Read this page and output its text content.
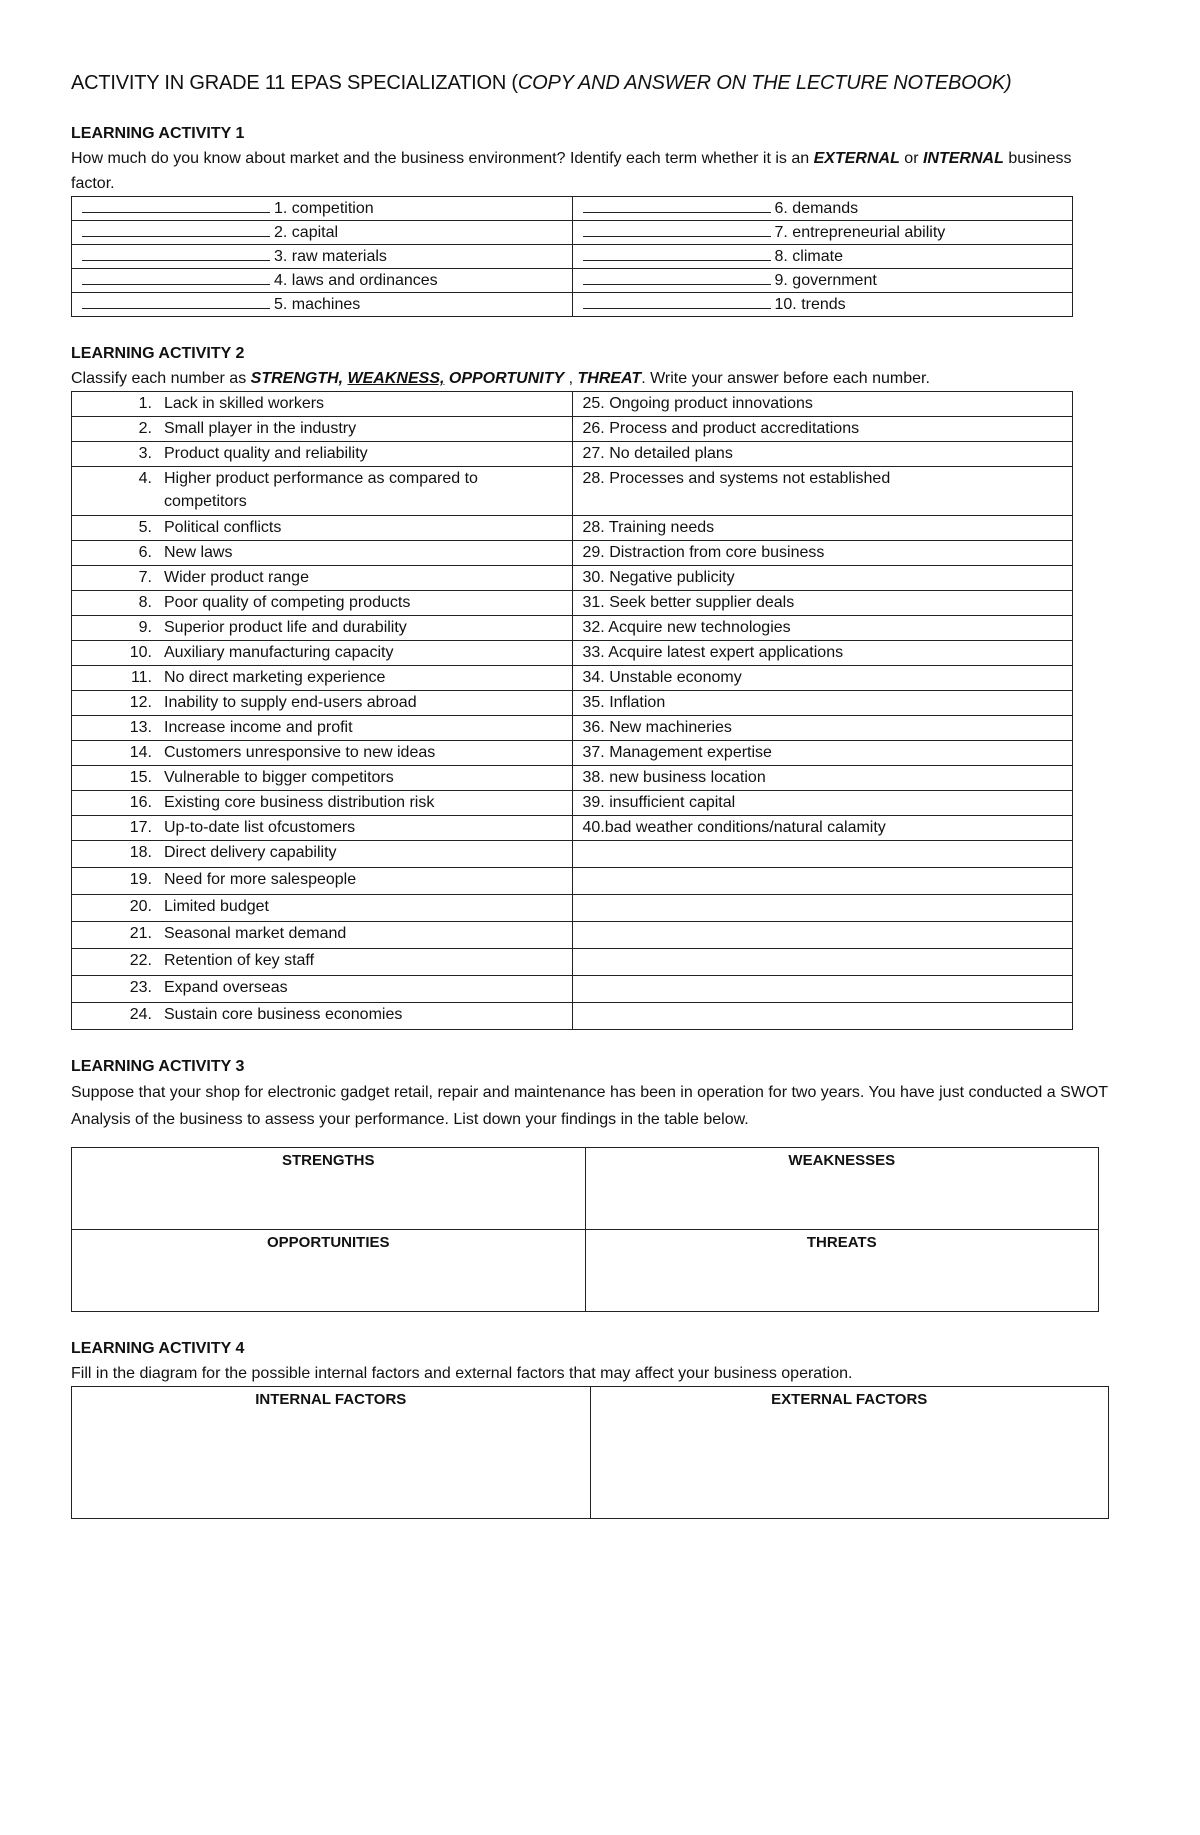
ACTIVITY IN GRADE 11 EPAS SPECIALIZATION (COPY AND ANSWER ON THE LECTURE NOTEBOOK)

LEARNING ACTIVITY 1

How much do you know about market and the business environment? Identify each term whether it is an EXTERNAL or INTERNAL business factor.

1. competition	6. demands
2. capital	7. entrepreneurial ability
3. raw materials	8. climate
4. laws and ordinances	9. government
5. machines	10. trends

LEARNING ACTIVITY 2

Classify each number as STRENGTH, WEAKNESS, OPPORTUNITY , THREAT. Write your answer before each number.

1. Lack in skilled workers	25. Ongoing product innovations
2. Small player in the industry	26. Process and product accreditations
3. Product quality and reliability	27. No detailed plans
4. Higher product performance as compared to competitors	28. Processes and systems not established
5. Political conflicts	28. Training needs
6. New laws	29. Distraction from core business
7. Wider product range	30. Negative publicity
8. Poor quality of competing products	31. Seek better supplier deals
9. Superior product life and durability	32. Acquire new technologies
10. Auxiliary manufacturing capacity	33. Acquire latest expert applications
11. No direct marketing experience	34. Unstable economy
12. Inability to supply end-users abroad	35. Inflation
13. Increase income and profit	36. New machineries
14. Customers unresponsive to new ideas	37. Management expertise
15. Vulnerable to bigger competitors	38. new business location
16. Existing core business distribution risk	39. insufficient capital
17. Up-to-date list ofcustomers	40.bad weather conditions/natural calamity
18. Direct delivery capability	
19. Need for more salespeople	
20. Limited budget	
21. Seasonal market demand	
22. Retention of key staff	
23. Expand overseas	
24. Sustain core business economies	

LEARNING ACTIVITY 3

Suppose that your shop for electronic gadget retail, repair and maintenance has been in operation for two years. You have just conducted a SWOT Analysis of the business to assess your performance. List down your findings in the table below.

STRENGTHS	WEAKNESSES
OPPORTUNITIES	THREATS

LEARNING ACTIVITY 4

Fill in the diagram for the possible internal factors and external factors that may affect your business operation.

INTERNAL FACTORS	EXTERNAL FACTORS
